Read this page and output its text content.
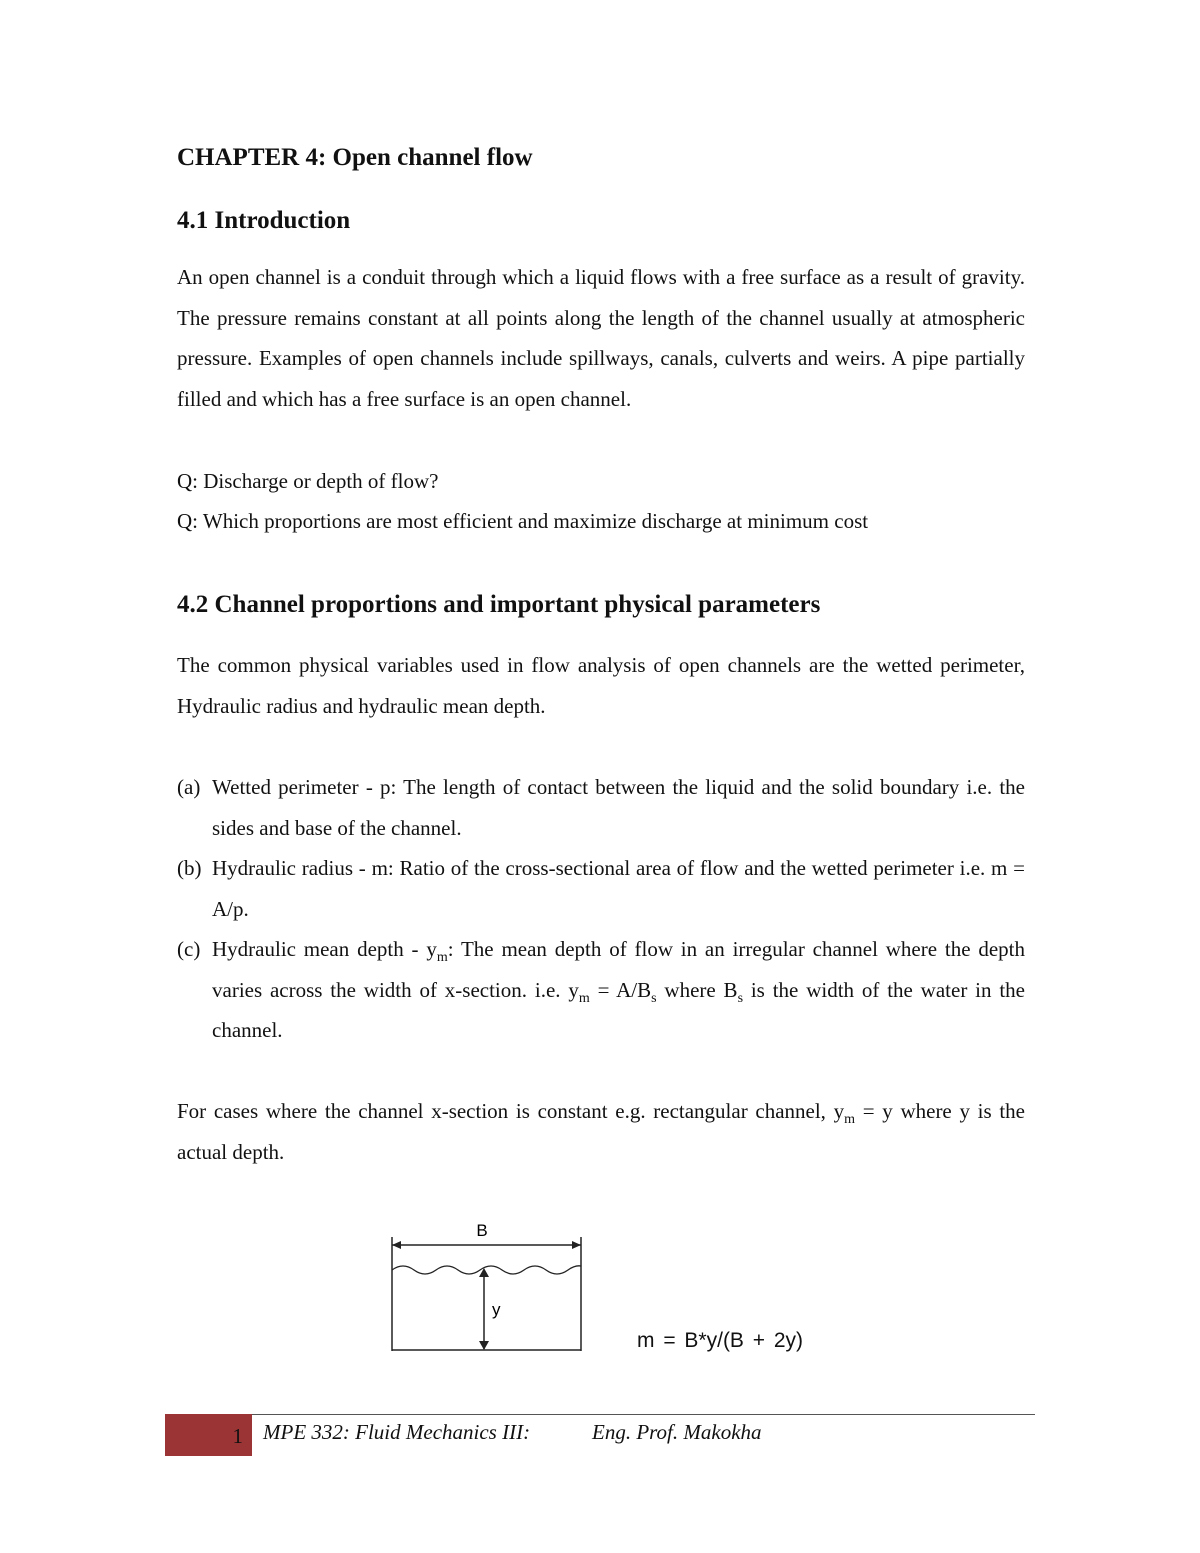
CHAPTER 4: Open channel flow
4.1 Introduction

An open channel is a conduit through which a liquid flows with a free surface as a result of gravity. The pressure remains constant at all points along the length of the channel usually at atmospheric pressure. Examples of open channels include spillways, canals, culverts and weirs. A pipe partially filled and which has a free surface is an open channel.

Q: Discharge or depth of flow?

Q: Which proportions are most efficient and maximize discharge at minimum cost

4.2 Channel proportions and important physical parameters

The common physical variables used in flow analysis of open channels are the wetted perimeter, Hydraulic radius and hydraulic mean depth.

(a) Wetted perimeter - p: The length of contact between the liquid and the solid boundary i.e. the sides and base of the channel.
(b) Hydraulic radius - m: Ratio of the cross-sectional area of flow and the wetted perimeter i.e. m = A/p.
(c) Hydraulic mean depth - $y_m$: The mean depth of flow in an irregular channel where the depth varies across the width of x-section. i.e. $y_m = A/B_s$ where $B_s$ is the width of the water in the channel.

For cases where the channel x-section is constant e.g. rectangular channel, $y_m = y$ where y is the actual depth.

B
y
m = B*y/(B + 2y)
1 MPE 332: Fluid Mechanics III:	Eng. Prof. Makokha
